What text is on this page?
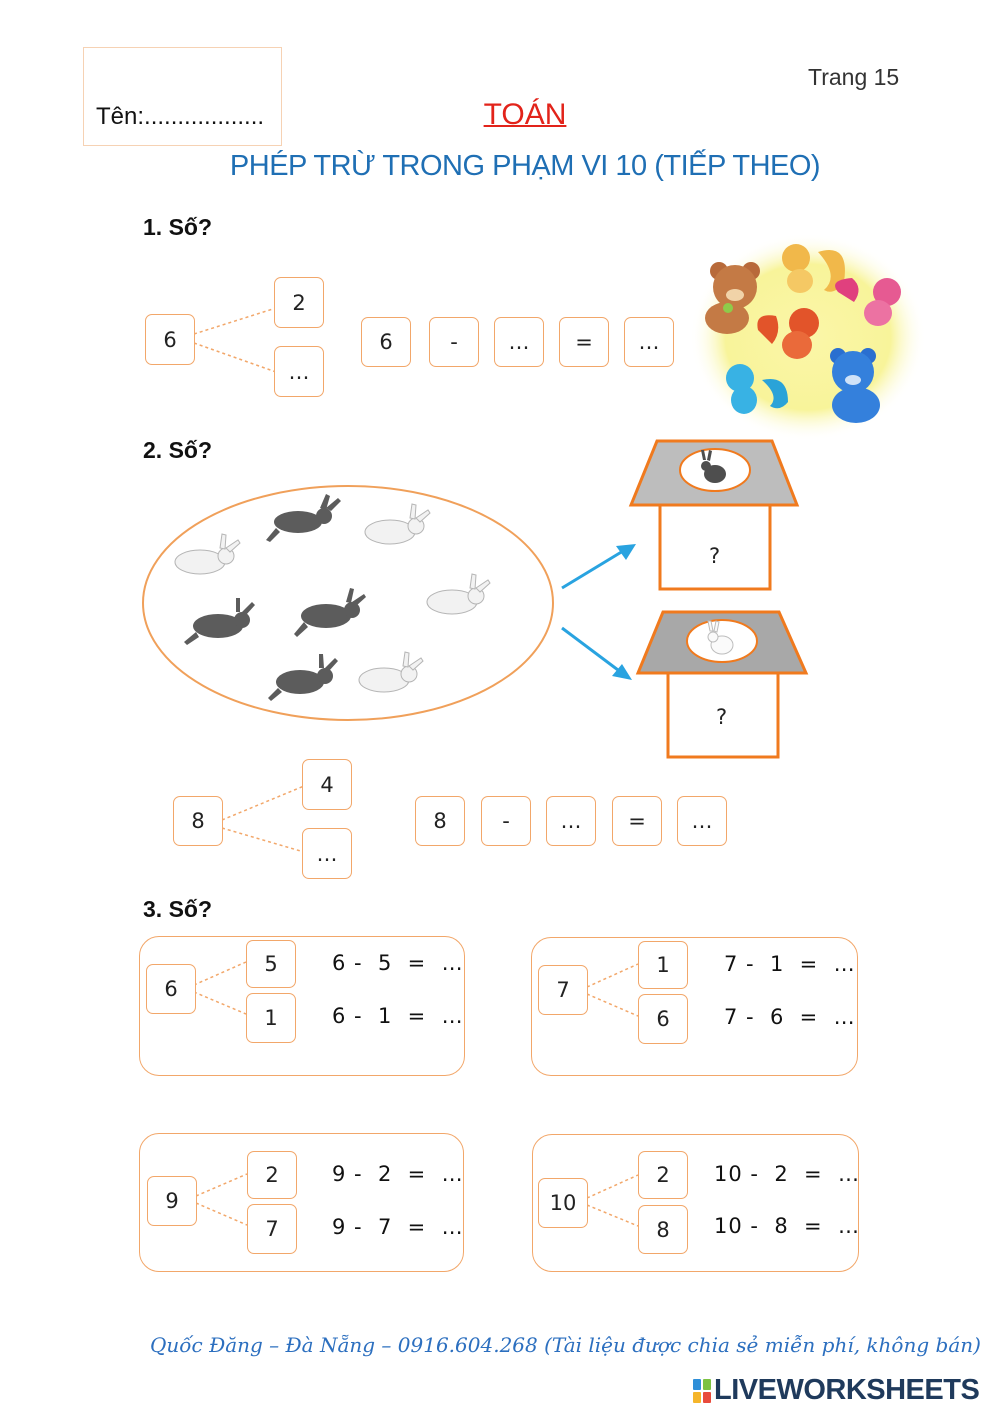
Tên:..................
Trang 15
TOÁN
PHÉP TRỪ TRONG PHẠM VI 10 (TIẾP THEO)
?
?
1. Số?
6
2
…
6	-	…	=	…
2. Số?
8
4
…
8	-	…	=	…
3. Số?
6
5
1
6 -  5  =  …
6 -  1  =  …
7
1
6
7 -  1  =  …
7 -  6  =  …
9
2
7
9 -  2  =  …
9 -  7  =  …
10
2
8
10 -  2  =  …
10 -  8  =  …
Quốc Đăng – Đà Nẵng – 0916.604.268 (Tài liệu được chia sẻ miễn phí, không bán)
LIVEWORKSHEETS
